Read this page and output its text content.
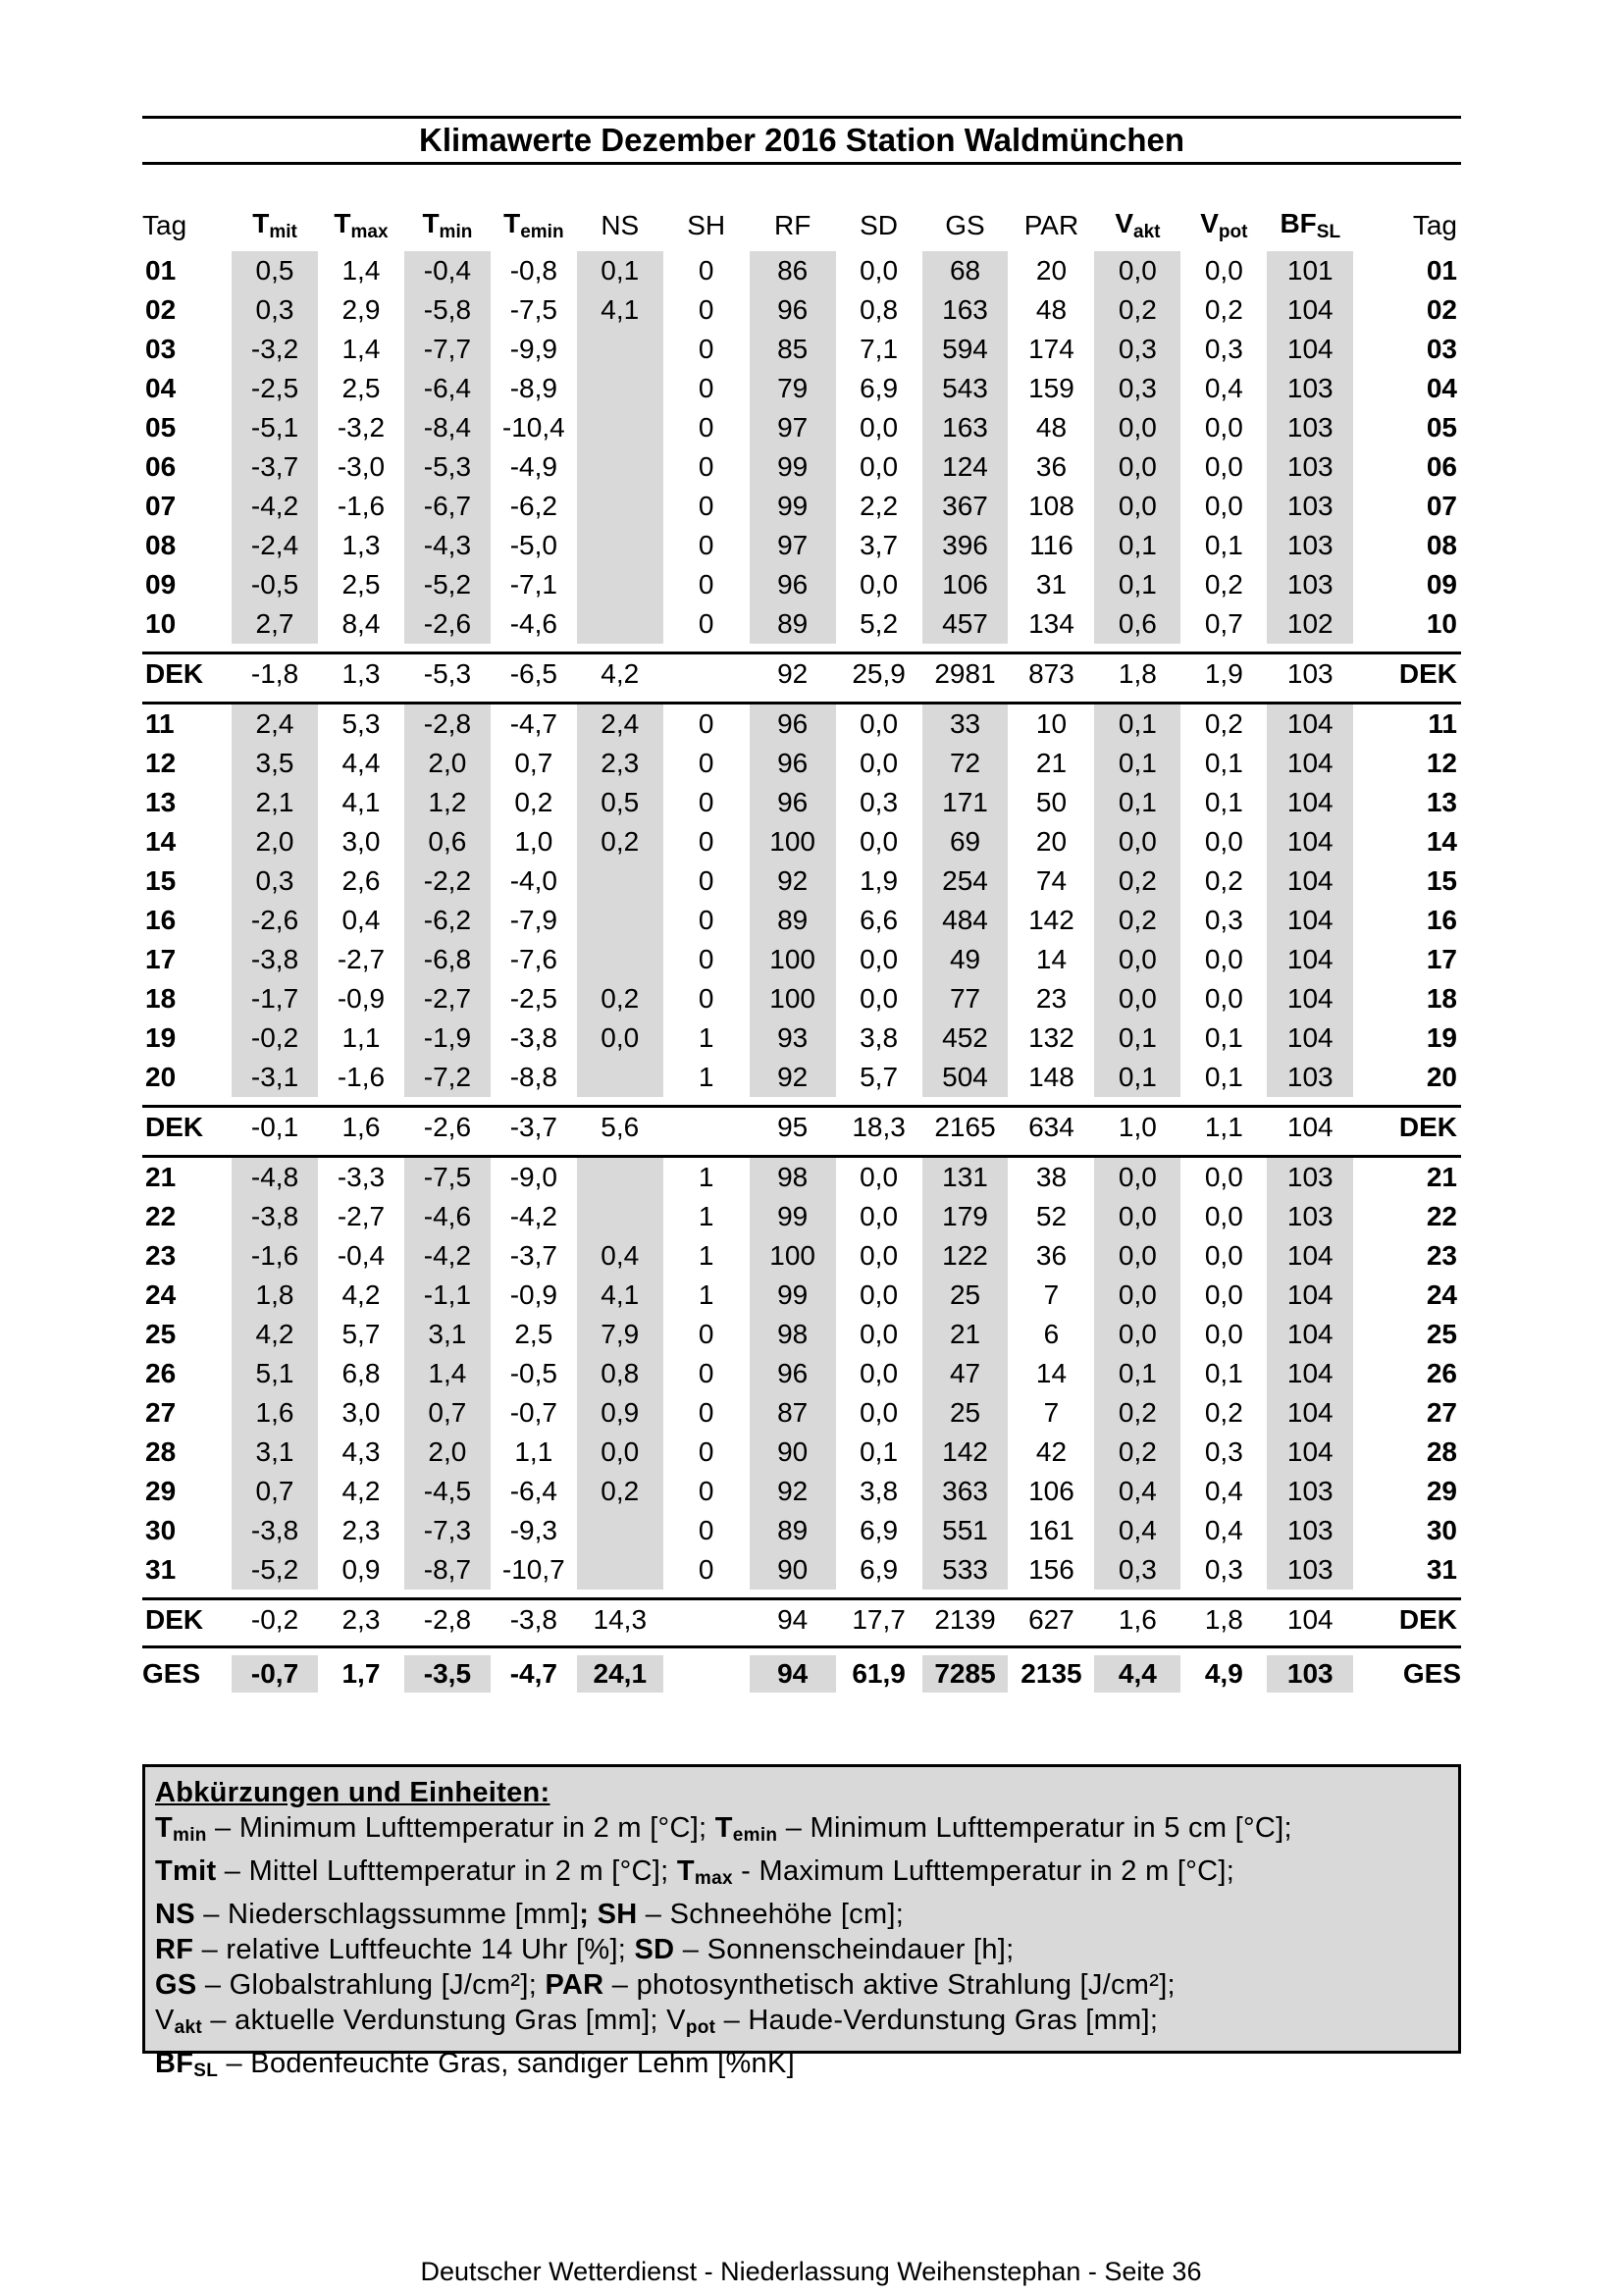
Klimawerte Dezember 2016 Station Waldmünchen
Tag	$T_{mit}$	$T_{max}$	$T_{min}$	$T_{emin}$	NS	SH	RF	SD	GS	PAR	$V_{akt}$	$V_{pot}$	$BF_{SL}$	Tag
01	0,5	1,4	-0,4	-0,8	0,1	0	86	0,0	68	20	0,0	0,0	101	01
02	0,3	2,9	-5,8	-7,5	4,1	0	96	0,8	163	48	0,2	0,2	104	02
03	-3,2	1,4	-7,7	-9,9		0	85	7,1	594	174	0,3	0,3	104	03
04	-2,5	2,5	-6,4	-8,9		0	79	6,9	543	159	0,3	0,4	103	04
05	-5,1	-3,2	-8,4	-10,4		0	97	0,0	163	48	0,0	0,0	103	05
06	-3,7	-3,0	-5,3	-4,9		0	99	0,0	124	36	0,0	0,0	103	06
07	-4,2	-1,6	-6,7	-6,2		0	99	2,2	367	108	0,0	0,0	103	07
08	-2,4	1,3	-4,3	-5,0		0	97	3,7	396	116	0,1	0,1	103	08
09	-0,5	2,5	-5,2	-7,1		0	96	0,0	106	31	0,1	0,2	103	09
10	2,7	8,4	-2,6	-4,6		0	89	5,2	457	134	0,6	0,7	102	10

DEK	-1,8	1,3	-5,3	-6,5	4,2		92	25,9	2981	873	1,8	1,9	103	DEK

11	2,4	5,3	-2,8	-4,7	2,4	0	96	0,0	33	10	0,1	0,2	104	11
12	3,5	4,4	2,0	0,7	2,3	0	96	0,0	72	21	0,1	0,1	104	12
13	2,1	4,1	1,2	0,2	0,5	0	96	0,3	171	50	0,1	0,1	104	13
14	2,0	3,0	0,6	1,0	0,2	0	100	0,0	69	20	0,0	0,0	104	14
15	0,3	2,6	-2,2	-4,0		0	92	1,9	254	74	0,2	0,2	104	15
16	-2,6	0,4	-6,2	-7,9		0	89	6,6	484	142	0,2	0,3	104	16
17	-3,8	-2,7	-6,8	-7,6		0	100	0,0	49	14	0,0	0,0	104	17
18	-1,7	-0,9	-2,7	-2,5	0,2	0	100	0,0	77	23	0,0	0,0	104	18
19	-0,2	1,1	-1,9	-3,8	0,0	1	93	3,8	452	132	0,1	0,1	104	19
20	-3,1	-1,6	-7,2	-8,8		1	92	5,7	504	148	0,1	0,1	103	20

DEK	-0,1	1,6	-2,6	-3,7	5,6		95	18,3	2165	634	1,0	1,1	104	DEK

21	-4,8	-3,3	-7,5	-9,0		1	98	0,0	131	38	0,0	0,0	103	21
22	-3,8	-2,7	-4,6	-4,2		1	99	0,0	179	52	0,0	0,0	103	22
23	-1,6	-0,4	-4,2	-3,7	0,4	1	100	0,0	122	36	0,0	0,0	104	23
24	1,8	4,2	-1,1	-0,9	4,1	1	99	0,0	25	7	0,0	0,0	104	24
25	4,2	5,7	3,1	2,5	7,9	0	98	0,0	21	6	0,0	0,0	104	25
26	5,1	6,8	1,4	-0,5	0,8	0	96	0,0	47	14	0,1	0,1	104	26
27	1,6	3,0	0,7	-0,7	0,9	0	87	0,0	25	7	0,2	0,2	104	27
28	3,1	4,3	2,0	1,1	0,0	0	90	0,1	142	42	0,2	0,3	104	28
29	0,7	4,2	-4,5	-6,4	0,2	0	92	3,8	363	106	0,4	0,4	103	29
30	-3,8	2,3	-7,3	-9,3		0	89	6,9	551	161	0,4	0,4	103	30
31	-5,2	0,9	-8,7	-10,7		0	90	6,9	533	156	0,3	0,3	103	31

DEK	-0,2	2,3	-2,8	-3,8	14,3		94	17,7	2139	627	1,6	1,8	104	DEK

GES	-0,7	1,7	-3,5	-4,7	24,1		94	61,9	7285	2135	4,4	4,9	103	GES
Abkürzungen und Einheiten:
$T_{min}$ – Minimum Lufttemperatur in 2 m [°C]; $T_{emin}$ – Minimum Lufttemperatur in 5 cm [°C];
Tmit – Mittel Lufttemperatur in 2 m [°C]; $T_{max}$ - Maximum Lufttemperatur in 2 m [°C];
NS – Niederschlagssumme [mm]; SH – Schneehöhe [cm];
RF – relative Luftfeuchte 14 Uhr [%]; SD – Sonnenscheindauer [h];
GS – Globalstrahlung [J/cm²]; PAR – photosynthetisch aktive Strahlung [J/cm²];
$V_{akt}$ – aktuelle Verdunstung Gras [mm]; $V_{pot}$ – Haude-Verdunstung Gras [mm];
$BF_{SL}$ – Bodenfeuchte Gras, sandiger Lehm [%nK]
Deutscher Wetterdienst - Niederlassung Weihenstephan - Seite 36
